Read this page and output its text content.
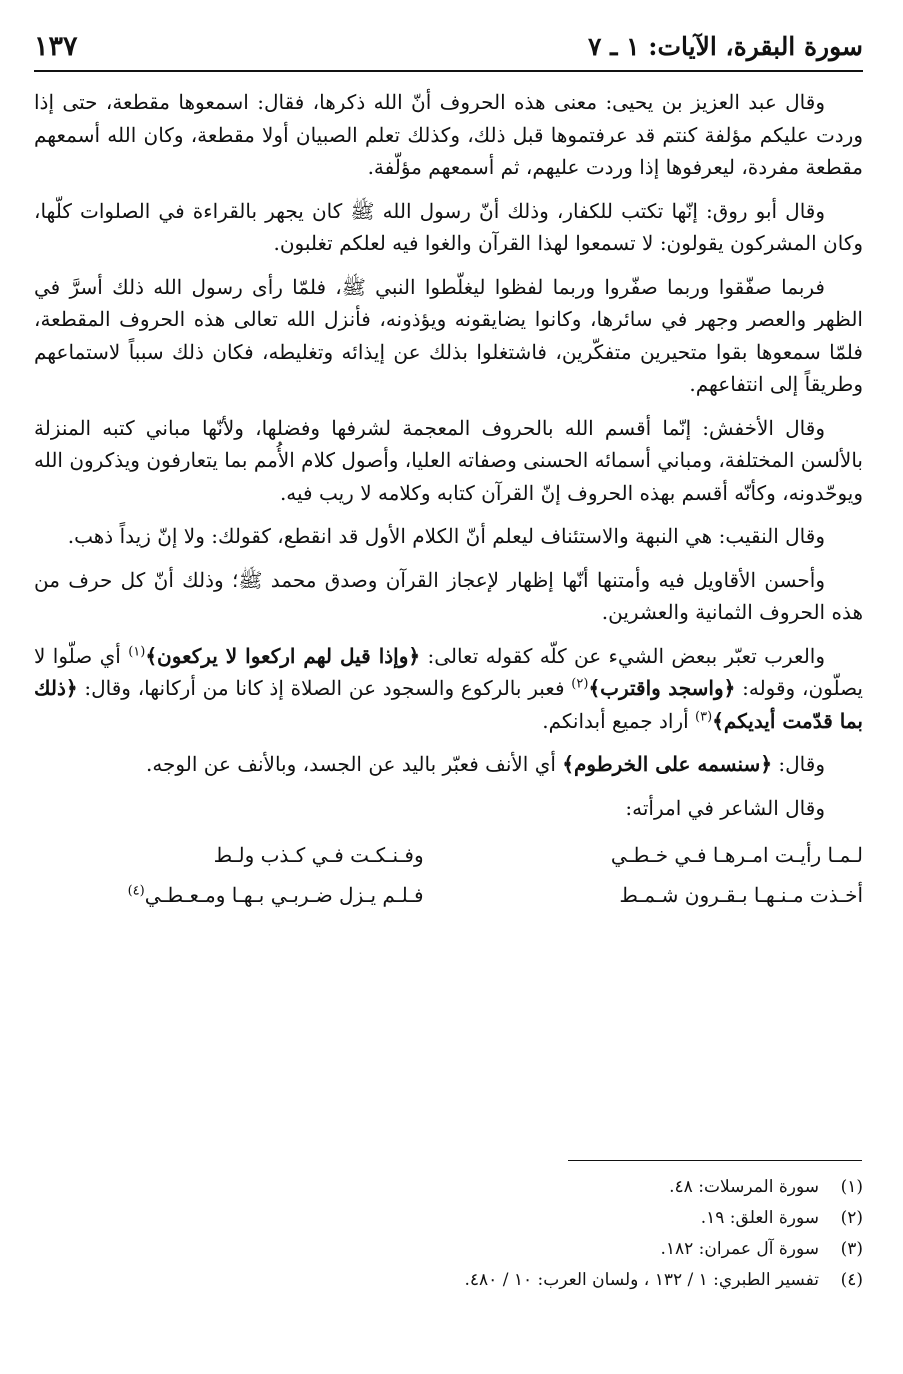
سورة البقرة، الآيات: ١ ـ ٧
١٣٧

وقال عبد العزيز بن يحيى: معنى هذه الحروف أنّ الله ذكرها، فقال: اسمعوها مقطعة، حتى إذا وردت عليكم مؤلفة كنتم قد عرفتموها قبل ذلك، وكذلك تعلم الصبيان أولا مقطعة، وكان الله أسمعهم مقطعة مفردة، ليعرفوها إذا وردت عليهم، ثم أسمعهم مؤلّفة.

وقال أبو روق: إنّها تكتب للكفار، وذلك أنّ رسول الله ﷺ كان يجهر بالقراءة في الصلوات كلّها، وكان المشركون يقولون: لا تسمعوا لهذا القرآن والغوا فيه لعلكم تغلبون.

فربما صفّقوا وربما صفّروا وربما لفظوا ليغلّطوا النبي ﷺ، فلمّا رأى رسول الله ذلك أسرَّ في الظهر والعصر وجهر في سائرها، وكانوا يضايقونه ويؤذونه، فأنزل الله تعالى هذه الحروف المقطعة، فلمّا سمعوها بقوا متحيرين متفكّرين، فاشتغلوا بذلك عن إيذائه وتغليطه، فكان ذلك سبباً لاستماعهم وطريقاً إلى انتفاعهم.

وقال الأخفش: إنّما أقسم الله بالحروف المعجمة لشرفها وفضلها، ولأنّها مباني كتبه المنزلة بالألسن المختلفة، ومباني أسمائه الحسنى وصفاته العليا، وأصول كلام الأُمم بما يتعارفون ويذكرون الله ويوحّدونه، وكأنّه أقسم بهذه الحروف إنّ القرآن كتابه وكلامه لا ريب فيه.

وقال النقيب: هي النبهة والاستئناف ليعلم أنّ الكلام الأول قد انقطع، كقولك: ولا إنّ زيداً ذهب.

وأحسن الأقاويل فيه وأمتنها أنّها إظهار لإعجاز القرآن وصدق محمد ﷺ؛ وذلك أنّ كل حرف من هذه الحروف الثمانية والعشرين.

والعرب تعبّر ببعض الشيء عن كلّه كقوله تعالى: ﴿وإذا قيل لهم اركعوا لا يركعون﴾$^{(١)}$ أي صلّوا لا يصلّون، وقوله: ﴿واسجد واقترب﴾$^{(٢)}$ فعبر بالركوع والسجود عن الصلاة إذ كانا من أركانها، وقال: ﴿ذلك بما قدّمت أيديكم﴾$^{(٣)}$ أراد جميع أبدانكم.

وقال: ﴿سنسمه على الخرطوم﴾ أي الأنف فعبّر باليد عن الجسد، وبالأنف عن الوجه.

وقال الشاعر في امرأته:

لـمـا رأيـت امـرهـا فـي خـطـي
وفـنـكـت فـي كـذب ولـط
أخـذت مـنـهـا بـقـرون شـمـط
فـلـم يـزل ضـربـي بـهـا ومـعـطـي$^{(٤)}$
(١)
سورة المرسلات: ٤٨.
(٢)
سورة العلق: ١٩.
(٣)
سورة آل عمران: ١٨٢.
(٤)
تفسير الطبري: ١ / ١٣٢ ، ولسان العرب: ١٠ / ٤٨٠.
